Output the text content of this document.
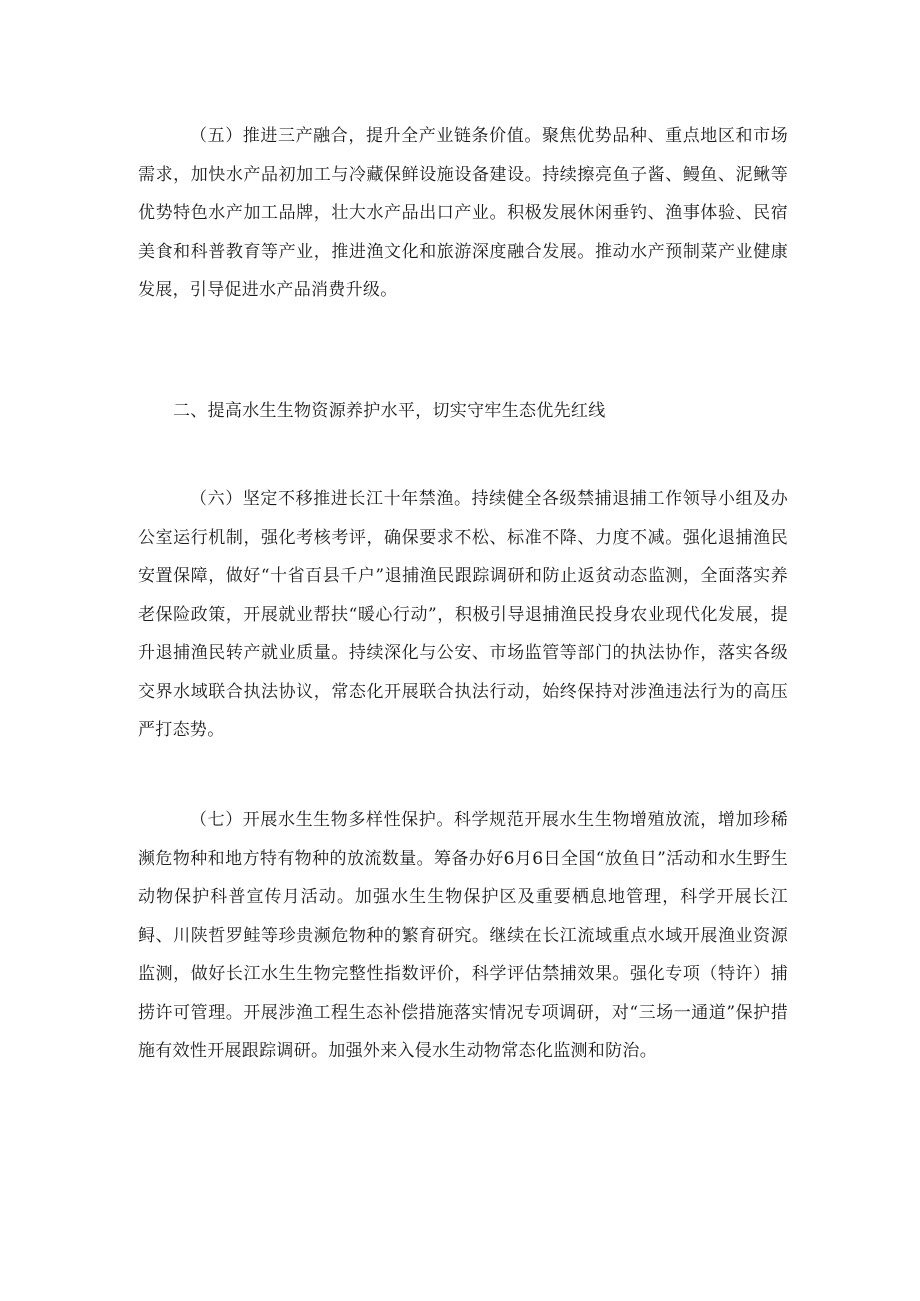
（五）推进三产融合，提升全产业链条价值。聚焦优势品种、重点地区和市场需求，加快水产品初加工与冷藏保鲜设施设备建设。持续擦亮鱼子酱、鳗鱼、泥鳅等优势特色水产加工品牌，壮大水产品出口产业。积极发展休闲垂钓、渔事体验、民宿美食和科普教育等产业，推进渔文化和旅游深度融合发展。推动水产预制菜产业健康发展，引导促进水产品消费升级。

二、提高水生生物资源养护水平，切实守牢生态优先红线

（六）坚定不移推进长江十年禁渔。持续健全各级禁捕退捕工作领导小组及办公室运行机制，强化考核考评，确保要求不松、标准不降、力度不减。强化退捕渔民安置保障，做好“十省百县千户”退捕渔民跟踪调研和防止返贫动态监测，全面落实养老保险政策，开展就业帮扶“暖心行动”，积极引导退捕渔民投身农业现代化发展，提升退捕渔民转产就业质量。持续深化与公安、市场监管等部门的执法协作，落实各级交界水域联合执法协议，常态化开展联合执法行动，始终保持对涉渔违法行为的高压严打态势。

（七）开展水生生物多样性保护。科学规范开展水生生物增殖放流，增加珍稀濒危物种和地方特有物种的放流数量。筹备办好6月6日全国“放鱼日”活动和水生野生动物保护科普宣传月活动。加强水生生物保护区及重要栖息地管理，科学开展长江鲟、川陕哲罗鲑等珍贵濒危物种的繁育研究。继续在长江流域重点水域开展渔业资源监测，做好长江水生生物完整性指数评价，科学评估禁捕效果。强化专项（特许）捕捞许可管理。开展涉渔工程生态补偿措施落实情况专项调研，对“三场一通道”保护措施有效性开展跟踪调研。加强外来入侵水生动物常态化监测和防治。
